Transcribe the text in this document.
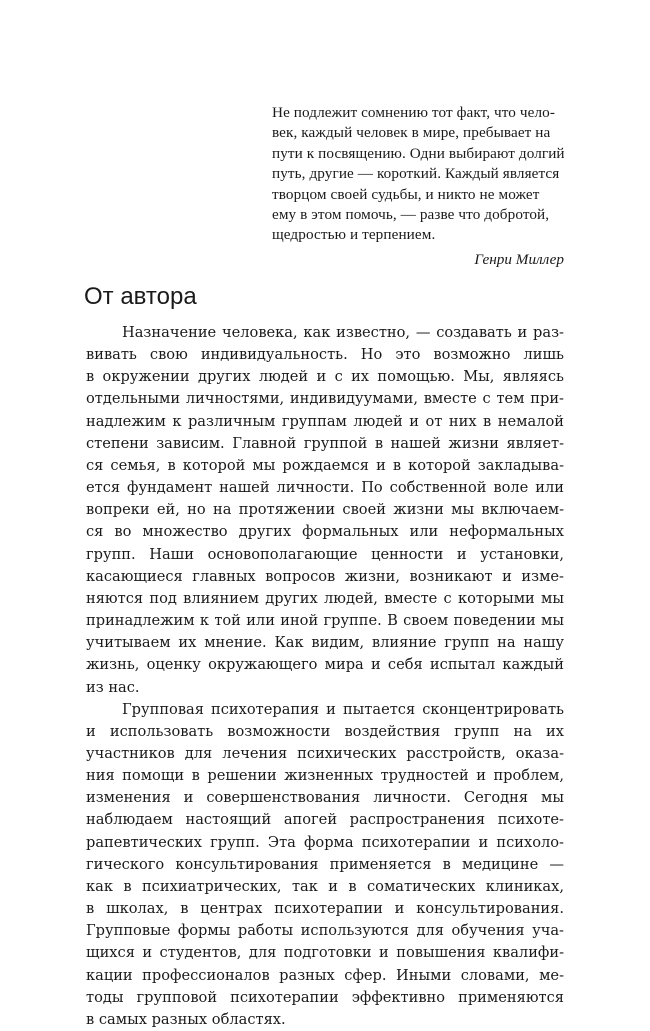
Не подлежит сомнению тот факт, что чело-
век, каждый человек в мире, пребывает на
пути к посвящению. Одни выбирают долгий
путь, другие — короткий. Каждый является
творцом своей судьбы, и никто не может
ему в этом помочь, — разве что добротой,
щедростью и терпением.
Генри Миллер
От автора
Назначение человека, как известно, — создавать и раз-
вивать свою индивидуальность. Но это возможно лишь
в окружении других людей и с их помощью. Мы, являясь
отдельными личностями, индивидуумами, вместе с тем при-
надлежим к различным группам людей и от них в немалой
степени зависим. Главной группой в нашей жизни являет-
ся семья, в которой мы рождаемся и в которой закладыва-
ется фундамент нашей личности. По собственной воле или
вопреки ей, но на протяжении своей жизни мы включаем-
ся во множество других формальных или неформальных
групп. Наши основополагающие ценности и установки,
касающиеся главных вопросов жизни, возникают и изме-
няются под влиянием других людей, вместе с которыми мы
принадлежим к той или иной группе. В своем поведении мы
учитываем их мнение. Как видим, влияние групп на нашу
жизнь, оценку окружающего мира и себя испытал каждый
из нас.
Групповая психотерапия и пытается сконцентрировать
и использовать возможности воздействия групп на их
участников для лечения психических расстройств, оказа-
ния помощи в решении жизненных трудностей и проблем,
изменения и совершенствования личности. Сегодня мы
наблюдаем настоящий апогей распространения психоте-
рапевтических групп. Эта форма психотерапии и психоло-
гического консультирования применяется в медицине —
как в психиатрических, так и в соматических клиниках,
в школах, в центрах психотерапии и консультирования.
Групповые формы работы используются для обучения уча-
щихся и студентов, для подготовки и повышения квалифи-
кации профессионалов разных сфер. Иными словами, ме-
тоды групповой психотерапии эффективно применяются
в самых разных областях.
